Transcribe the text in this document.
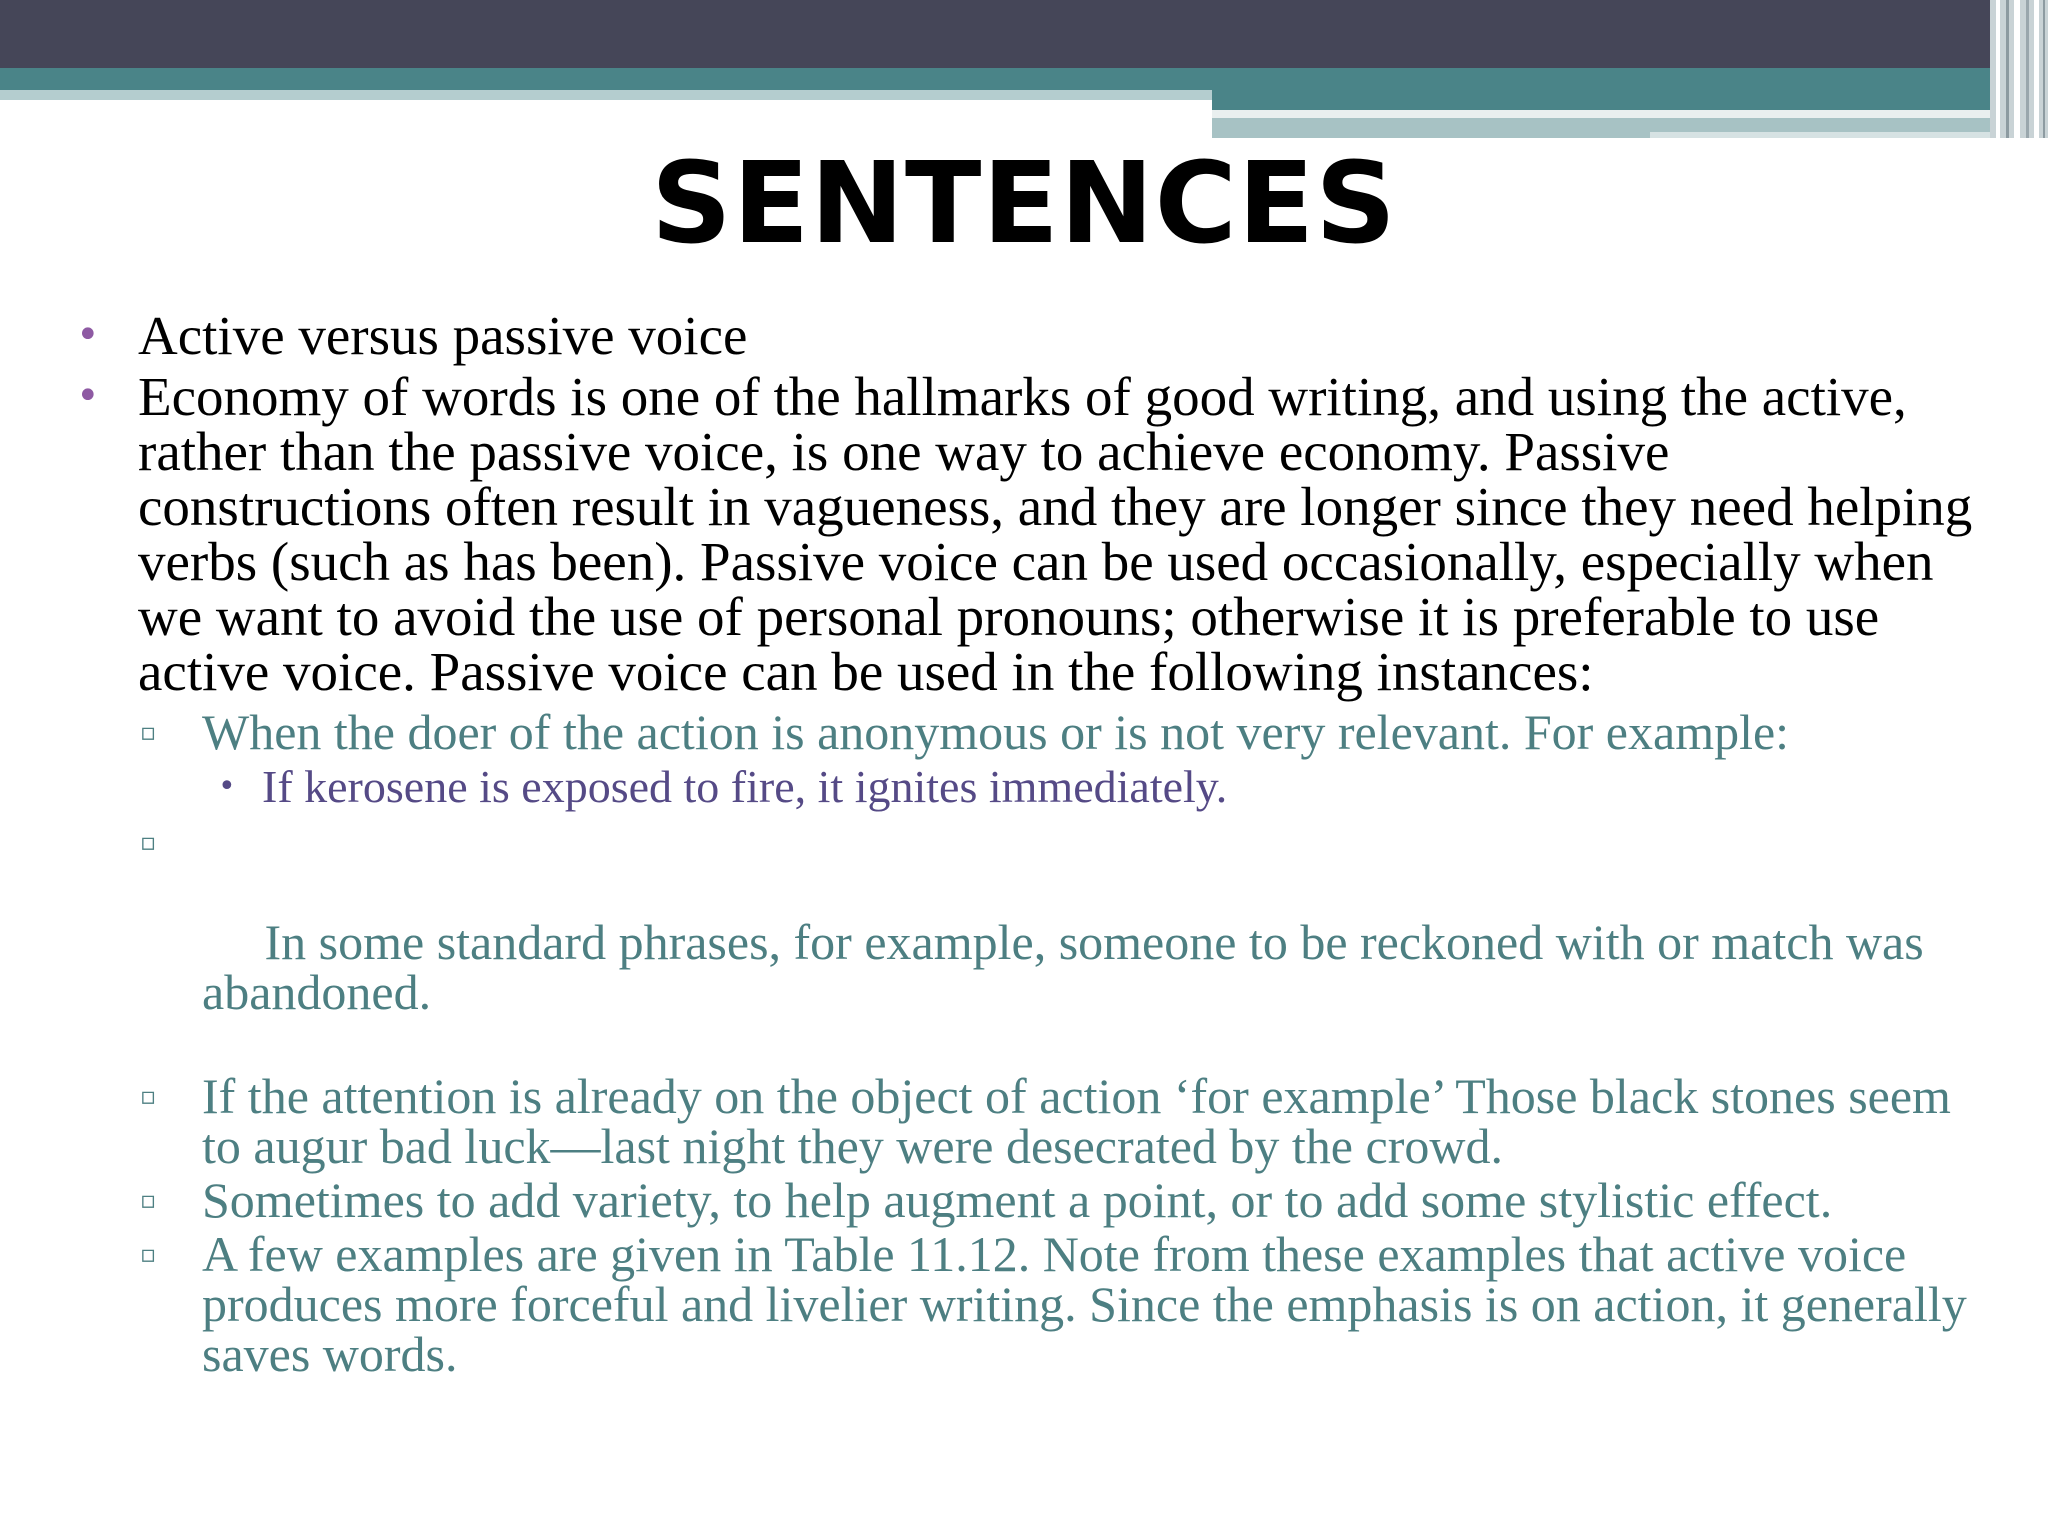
SENTENCES
• Active versus passive voice
• Economy of words is one of the hallmarks of good writing, and using the active, rather than the passive voice, is one way to achieve economy. Passive constructions often result in vagueness, and they are longer since they need helping verbs (such as has been). Passive voice can be used occasionally, especially when we want to avoid the use of personal pronouns; otherwise it is preferable to use active voice. Passive voice can be used in the following instances:
▫ When the doer of the action is anonymous or is not very relevant. For example:
• If kerosene is exposed to fire, it ignites immediately.

▫

In some standard phrases, for example, someone to be reckoned with or match was abandoned.

▫ If the attention is already on the object of action ‘for example’ Those black stones seem to augur bad luck—last night they were desecrated by the crowd.
▫ Sometimes to add variety, to help augment a point, or to add some stylistic effect.
▫ A few examples are given in Table 11.12. Note from these examples that active voice produces more forceful and livelier writing. Since the emphasis is on action, it generally saves words.
